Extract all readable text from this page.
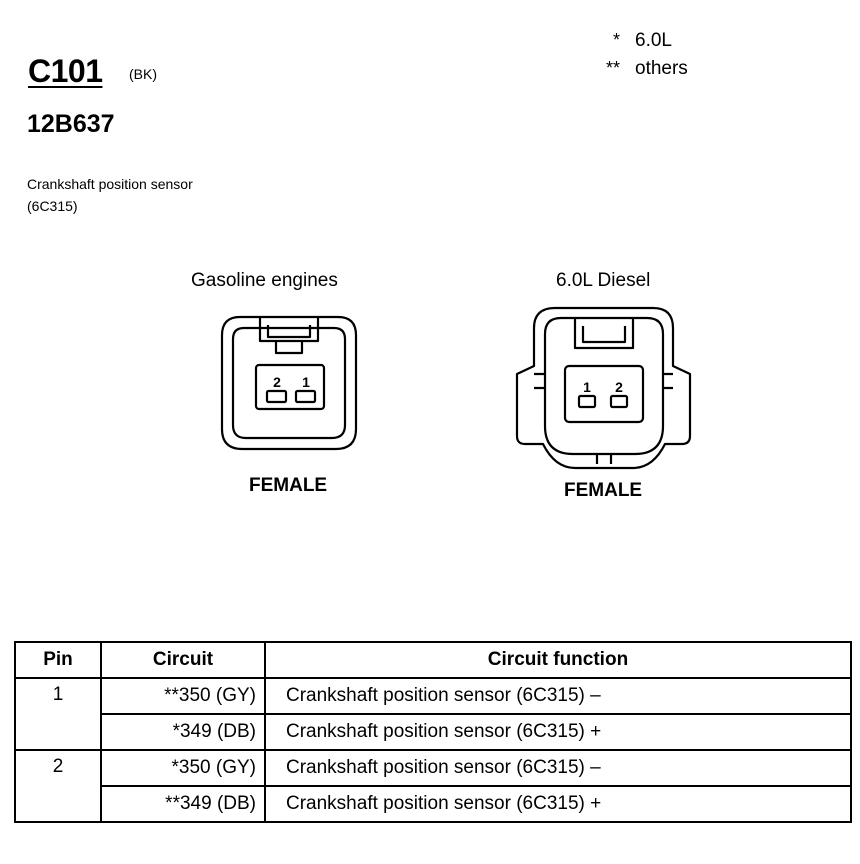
C101 (BK)
12B637
Crankshaft position sensor (6C315)
* 6.0L
** others
Gasoline engines	6.0L Diesel
2 1	1 2
FEMALE	FEMALE
Pin	Circuit	Circuit function
1	**350 (GY)	Crankshaft position sensor (6C315) –
	*349 (DB)	Crankshaft position sensor (6C315) +
2	*350 (GY)	Crankshaft position sensor (6C315) –
	**349 (DB)	Crankshaft position sensor (6C315) +
